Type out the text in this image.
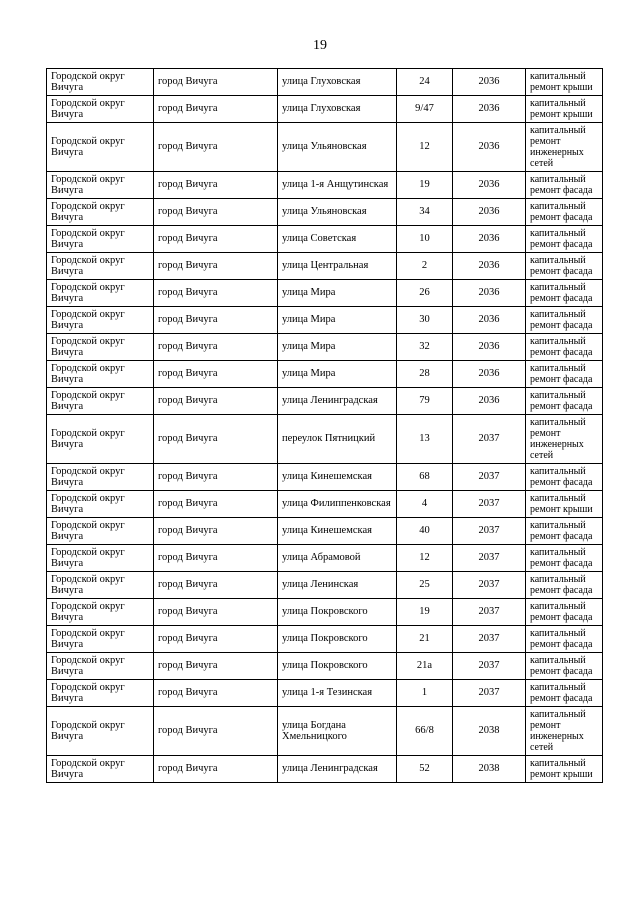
19
Городской округ Вичуга	город Вичуга	улица Глуховская	24	2036	капитальный ремонт крыши
Городской округ Вичуга	город Вичуга	улица Глуховская	9/47	2036	капитальный ремонт крыши
Городской округ Вичуга	город Вичуга	улица Ульяновская	12	2036	капитальный ремонт инженерных сетей
Городской округ Вичуга	город Вичуга	улица 1-я Анщутинская	19	2036	капитальный ремонт фасада
Городской округ Вичуга	город Вичуга	улица Ульяновская	34	2036	капитальный ремонт фасада
Городской округ Вичуга	город Вичуга	улица Советская	10	2036	капитальный ремонт фасада
Городской округ Вичуга	город Вичуга	улица Центральная	2	2036	капитальный ремонт фасада
Городской округ Вичуга	город Вичуга	улица Мира	26	2036	капитальный ремонт фасада
Городской округ Вичуга	город Вичуга	улица Мира	30	2036	капитальный ремонт фасада
Городской округ Вичуга	город Вичуга	улица Мира	32	2036	капитальный ремонт фасада
Городской округ Вичуга	город Вичуга	улица Мира	28	2036	капитальный ремонт фасада
Городской округ Вичуга	город Вичуга	улица Ленинградская	79	2036	капитальный ремонт фасада
Городской округ Вичуга	город Вичуга	переулок Пятницкий	13	2037	капитальный ремонт инженерных сетей
Городской округ Вичуга	город Вичуга	улица Кинешемская	68	2037	капитальный ремонт фасада
Городской округ Вичуга	город Вичуга	улица Филиппенковская	4	2037	капитальный ремонт крыши
Городской округ Вичуга	город Вичуга	улица Кинешемская	40	2037	капитальный ремонт фасада
Городской округ Вичуга	город Вичуга	улица Абрамовой	12	2037	капитальный ремонт фасада
Городской округ Вичуга	город Вичуга	улица Ленинская	25	2037	капитальный ремонт фасада
Городской округ Вичуга	город Вичуга	улица Покровского	19	2037	капитальный ремонт фасада
Городской округ Вичуга	город Вичуга	улица Покровского	21	2037	капитальный ремонт фасада
Городской округ Вичуга	город Вичуга	улица Покровского	21а	2037	капитальный ремонт фасада
Городской округ Вичуга	город Вичуга	улица 1-я Тезинская	1	2037	капитальный ремонт фасада
Городской округ Вичуга	город Вичуга	улица Богдана Хмельницкого	66/8	2038	капитальный ремонт инженерных сетей
Городской округ Вичуга	город Вичуга	улица Ленинградская	52	2038	капитальный ремонт крыши
